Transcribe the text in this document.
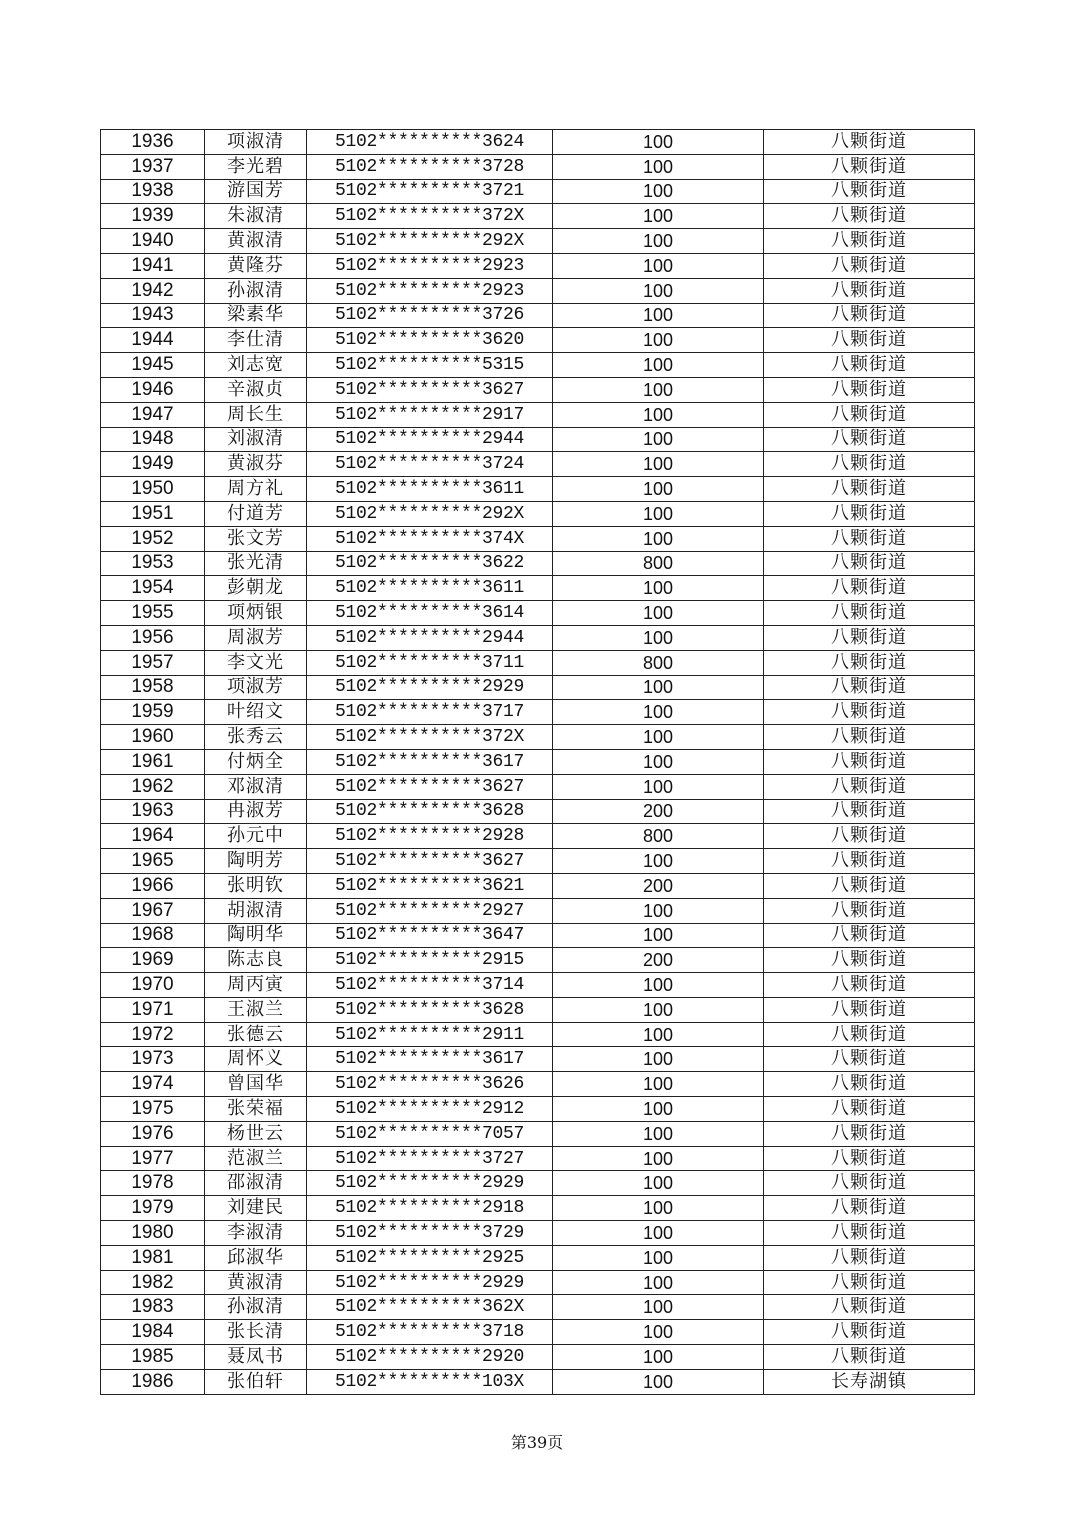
1936	项淑清	5102**********3624	100	八颗街道
1937	李光碧	5102**********3728	100	八颗街道
1938	游国芳	5102**********3721	100	八颗街道
1939	朱淑清	5102**********372X	100	八颗街道
1940	黄淑清	5102**********292X	100	八颗街道
1941	黄隆芬	5102**********2923	100	八颗街道
1942	孙淑清	5102**********2923	100	八颗街道
1943	梁素华	5102**********3726	100	八颗街道
1944	李仕清	5102**********3620	100	八颗街道
1945	刘志宽	5102**********5315	100	八颗街道
1946	辛淑贞	5102**********3627	100	八颗街道
1947	周长生	5102**********2917	100	八颗街道
1948	刘淑清	5102**********2944	100	八颗街道
1949	黄淑芬	5102**********3724	100	八颗街道
1950	周方礼	5102**********3611	100	八颗街道
1951	付道芳	5102**********292X	100	八颗街道
1952	张文芳	5102**********374X	100	八颗街道
1953	张光清	5102**********3622	800	八颗街道
1954	彭朝龙	5102**********3611	100	八颗街道
1955	项炳银	5102**********3614	100	八颗街道
1956	周淑芳	5102**********2944	100	八颗街道
1957	李文光	5102**********3711	800	八颗街道
1958	项淑芳	5102**********2929	100	八颗街道
1959	叶绍文	5102**********3717	100	八颗街道
1960	张秀云	5102**********372X	100	八颗街道
1961	付炳全	5102**********3617	100	八颗街道
1962	邓淑清	5102**********3627	100	八颗街道
1963	冉淑芳	5102**********3628	200	八颗街道
1964	孙元中	5102**********2928	800	八颗街道
1965	陶明芳	5102**********3627	100	八颗街道
1966	张明钦	5102**********3621	200	八颗街道
1967	胡淑清	5102**********2927	100	八颗街道
1968	陶明华	5102**********3647	100	八颗街道
1969	陈志良	5102**********2915	200	八颗街道
1970	周丙寅	5102**********3714	100	八颗街道
1971	王淑兰	5102**********3628	100	八颗街道
1972	张德云	5102**********2911	100	八颗街道
1973	周怀义	5102**********3617	100	八颗街道
1974	曾国华	5102**********3626	100	八颗街道
1975	张荣福	5102**********2912	100	八颗街道
1976	杨世云	5102**********7057	100	八颗街道
1977	范淑兰	5102**********3727	100	八颗街道
1978	邵淑清	5102**********2929	100	八颗街道
1979	刘建民	5102**********2918	100	八颗街道
1980	李淑清	5102**********3729	100	八颗街道
1981	邱淑华	5102**********2925	100	八颗街道
1982	黄淑清	5102**********2929	100	八颗街道
1983	孙淑清	5102**********362X	100	八颗街道
1984	张长清	5102**********3718	100	八颗街道
1985	聂凤书	5102**********2920	100	八颗街道
1986	张伯轩	5102**********103X	100	长寿湖镇
第39页
